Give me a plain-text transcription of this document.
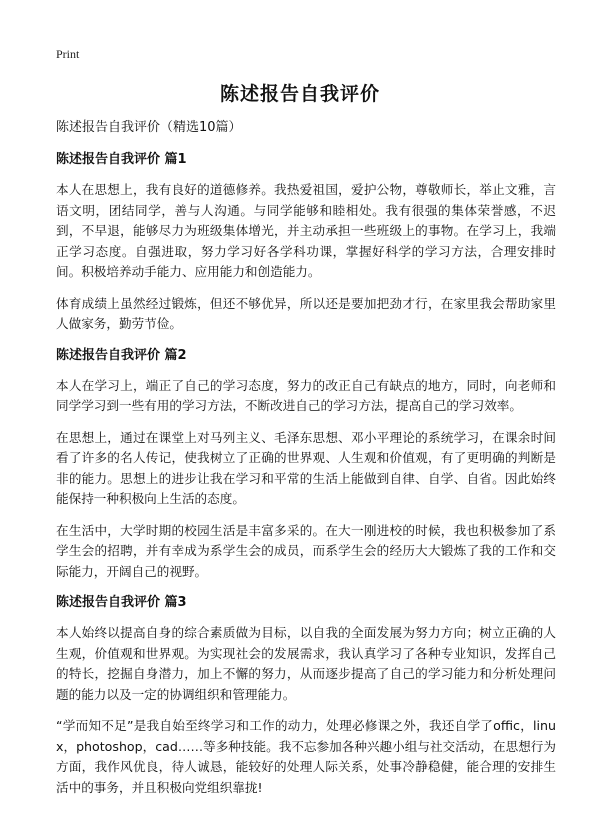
Print
陈述报告自我评价

陈述报告自我评价（精选10篇）

陈述报告自我评价 篇1

本人在思想上，我有良好的道德修养。我热爱祖国，爱护公物，尊敬师长，举止文雅，言语文明，团结同学，善与人沟通。与同学能够和睦相处。我有很强的集体荣誉感，不迟到，不早退，能够尽力为班级集体增光，并主动承担一些班级上的事物。在学习上，我端正学习态度。自强进取，努力学习好各学科功课，掌握好科学的学习方法，合理安排时间。积极培养动手能力、应用能力和创造能力。

体育成绩上虽然经过锻炼，但还不够优异，所以还是要加把劲才行，在家里我会帮助家里人做家务，勤劳节俭。

陈述报告自我评价 篇2

本人在学习上，端正了自己的学习态度，努力的改正自己有缺点的地方，同时，向老师和同学学习到一些有用的学习方法，不断改进自己的学习方法，提高自己的学习效率。

在思想上，通过在课堂上对马列主义、毛泽东思想、邓小平理论的系统学习，在课余时间看了许多的名人传记，使我树立了正确的世界观、人生观和价值观，有了更明确的判断是非的能力。思想上的进步让我在学习和平常的生活上能做到自律、自学、自省。因此始终能保持一种积极向上生活的态度。

在生活中，大学时期的校园生活是丰富多采的。在大一刚进校的时候，我也积极参加了系学生会的招聘，并有幸成为系学生会的成员，而系学生会的经历大大锻炼了我的工作和交际能力，开阔自己的视野。

陈述报告自我评价 篇3

本人始终以提高自身的综合素质做为目标，以自我的全面发展为努力方向；树立正确的人生观，价值观和世界观。为实现社会的发展需求，我认真学习了各种专业知识，发挥自己的特长，挖掘自身潜力，加上不懈的努力，从而逐步提高了自己的学习能力和分析处理问题的能力以及一定的协调组织和管理能力。

“学而知不足”是我自始至终学习和工作的动力，处理必修课之外，我还自学了offic，linux，photoshop，cad……等多种技能。我不忘参加各种兴趣小组与社交活动，在思想行为方面，我作风优良，待人诚恳，能较好的处理人际关系，处事冷静稳健，能合理的安排生活中的事务，并且积极向党组织靠拢!
